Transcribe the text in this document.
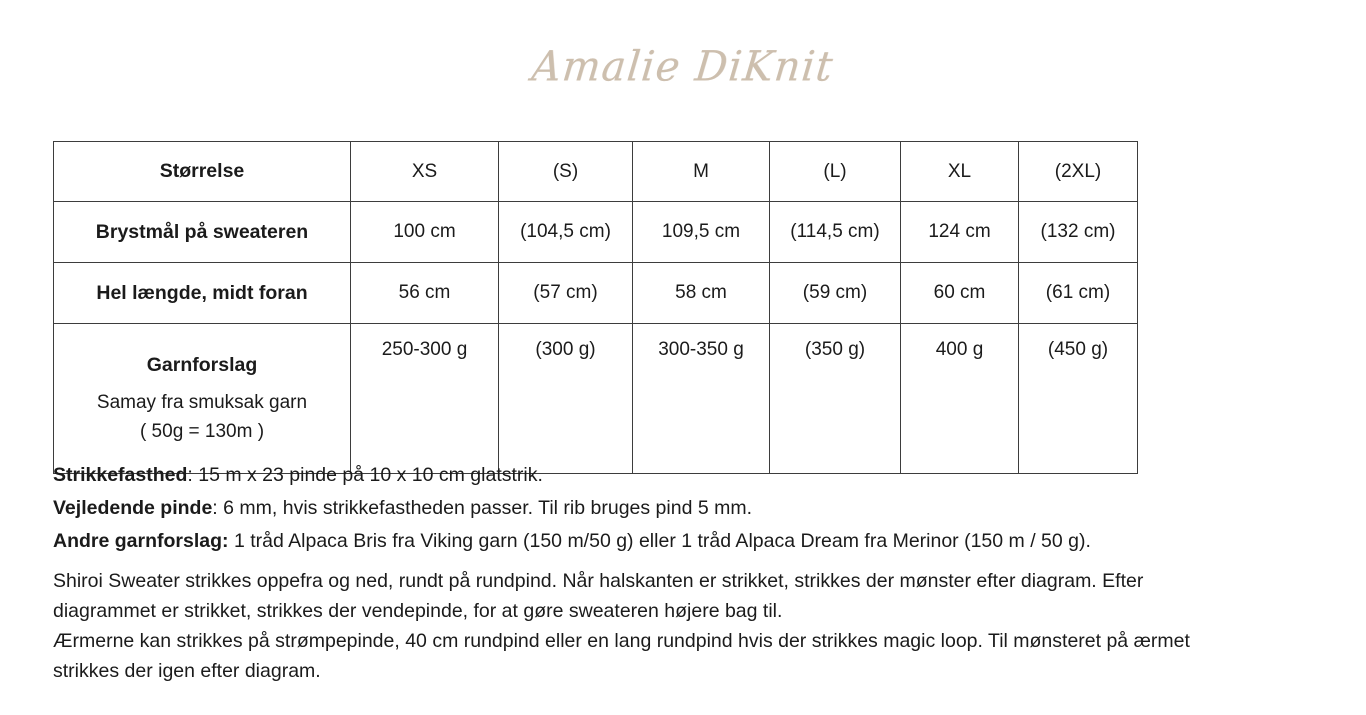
Amalie DiKnit
Størrelse	XS	(S)	M	(L)	XL	(2XL)
Brystmål på sweateren	100 cm	(104,5 cm)	109,5 cm	(114,5 cm)	124 cm	(132 cm)
Hel længde, midt foran	56 cm	(57 cm)	58 cm	(59 cm)	60 cm	(61 cm)

Garnforslag
Samay fra smuksak garn
( 50g = 130m )	250-300 g	(300 g)	300-350 g	(350 g)	400 g	(450 g)
Strikkefasthed: 15 m x 23 pinde på 10 x 10 cm glatstrik.
Vejledende pinde: 6 mm, hvis strikkefastheden passer. Til rib bruges pind 5 mm.
Andre garnforslag: 1 tråd Alpaca Bris fra Viking garn (150 m/50 g) eller 1 tråd Alpaca Dream fra Merinor (150 m / 50 g).

Shiroi Sweater strikkes oppefra og ned, rundt på rundpind. Når halskanten er strikket, strikkes der mønster efter diagram. Efter diagrammet er strikket, strikkes der vendepinde, for at gøre sweateren højere bag til.

Ærmerne kan strikkes på strømpepinde, 40 cm rundpind eller en lang rundpind hvis der strikkes magic loop. Til mønsteret på ærmet strikkes der igen efter diagram.
